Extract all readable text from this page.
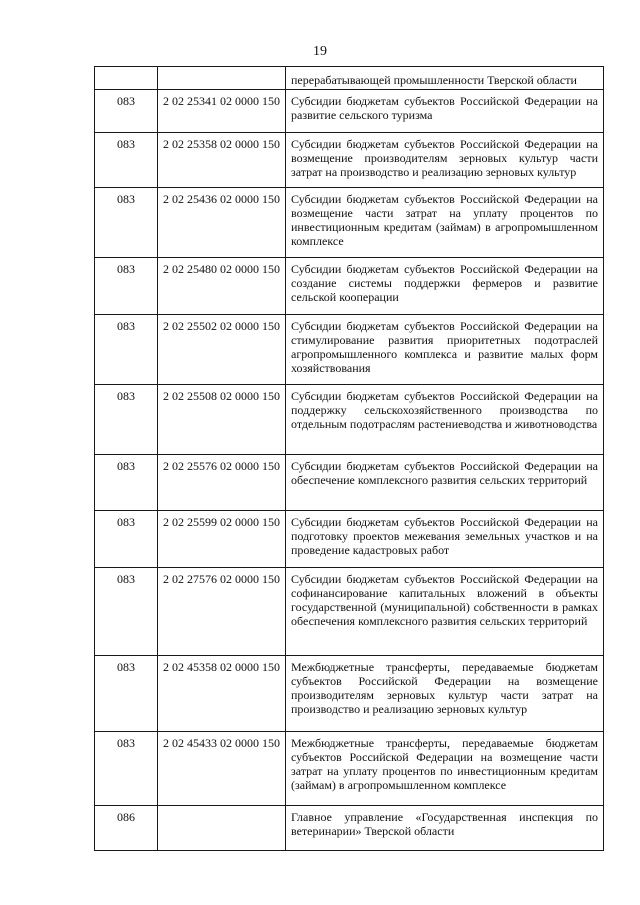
19
		перерабатывающей промышленности Тверской области
083	2 02 25341 02 0000 150	Субсидии бюджетам субъектов Российской Федерации на развитие сельского туризма
083	2 02 25358 02 0000 150	Субсидии бюджетам субъектов Российской Федерации на возмещение производителям зерновых культур части затрат на производство и реализацию зерновых культур
083	2 02 25436 02 0000 150	Субсидии бюджетам субъектов Российской Федерации на возмещение части затрат на уплату процентов по инвестиционным кредитам (займам) в агропромышленном комплексе
083	2 02 25480 02 0000 150	Субсидии бюджетам субъектов Российской Федерации на создание системы поддержки фермеров и развитие сельской кооперации
083	2 02 25502 02 0000 150	Субсидии бюджетам субъектов Российской Федерации на стимулирование развития приоритетных подотраслей агропромышленного комплекса и развитие малых форм хозяйствования
083	2 02 25508 02 0000 150	Субсидии бюджетам субъектов Российской Федерации на поддержку сельскохозяйственного производства по отдельным подотраслям растениеводства и животноводства
083	2 02 25576 02 0000 150	Субсидии бюджетам субъектов Российской Федерации на обеспечение комплексного развития сельских территорий
083	2 02 25599 02 0000 150	Субсидии бюджетам субъектов Российской Федерации на подготовку проектов межевания земельных участков и на проведение кадастровых работ
083	2 02 27576 02 0000 150	Субсидии бюджетам субъектов Российской Федерации на софинансирование капитальных вложений в объекты государственной (муниципальной) собственности в рамках обеспечения комплексного развития сельских территорий
083	2 02 45358 02 0000 150	Межбюджетные трансферты, передаваемые бюджетам субъектов Российской Федерации на возмещение производителям зерновых культур части затрат на производство и реализацию зерновых культур
083	2 02 45433 02 0000 150	Межбюджетные трансферты, передаваемые бюджетам субъектов Российской Федерации на возмещение части затрат на уплату процентов по инвестиционным кредитам (займам) в агропромышленном комплексе
086		Главное управление «Государственная инспекция по ветеринарии» Тверской области
